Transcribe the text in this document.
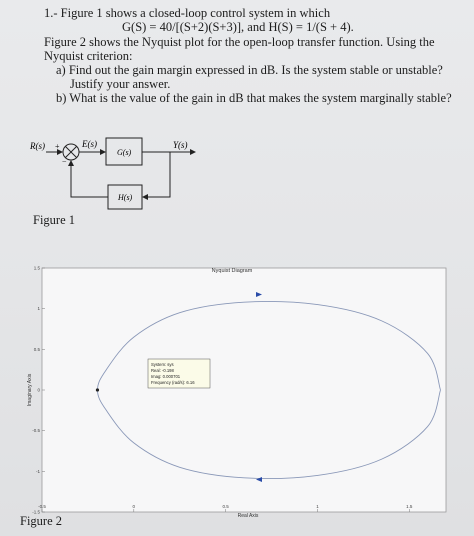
1.- Figure 1 shows a closed-loop control system in which
G(S) = 40/[(S+2)(S+3)], and H(S) = 1/(S + 4).
Figure 2 shows the Nyquist plot for the open-loop transfer function. Using the
Nyquist criterion:
a) Find out the gain margin expressed in dB. Is the system stable or unstable?
Justify your answer.
b) What is the value of the gain in dB that makes the system marginally stable?
R(s) +
−
E(s)
G(s)
Y(s)
H(s)
Figure 1
Nyquist Diagram
Real Axis
Imaginary Axis
1.5
1
0.5
0
-0.5
-1
-1.5
-0.5	0	0.5	1	1.5
System: sys
Real: -0.198
Imag: 0.000701
Frequency (rad/s): 6.16
Figure 2
